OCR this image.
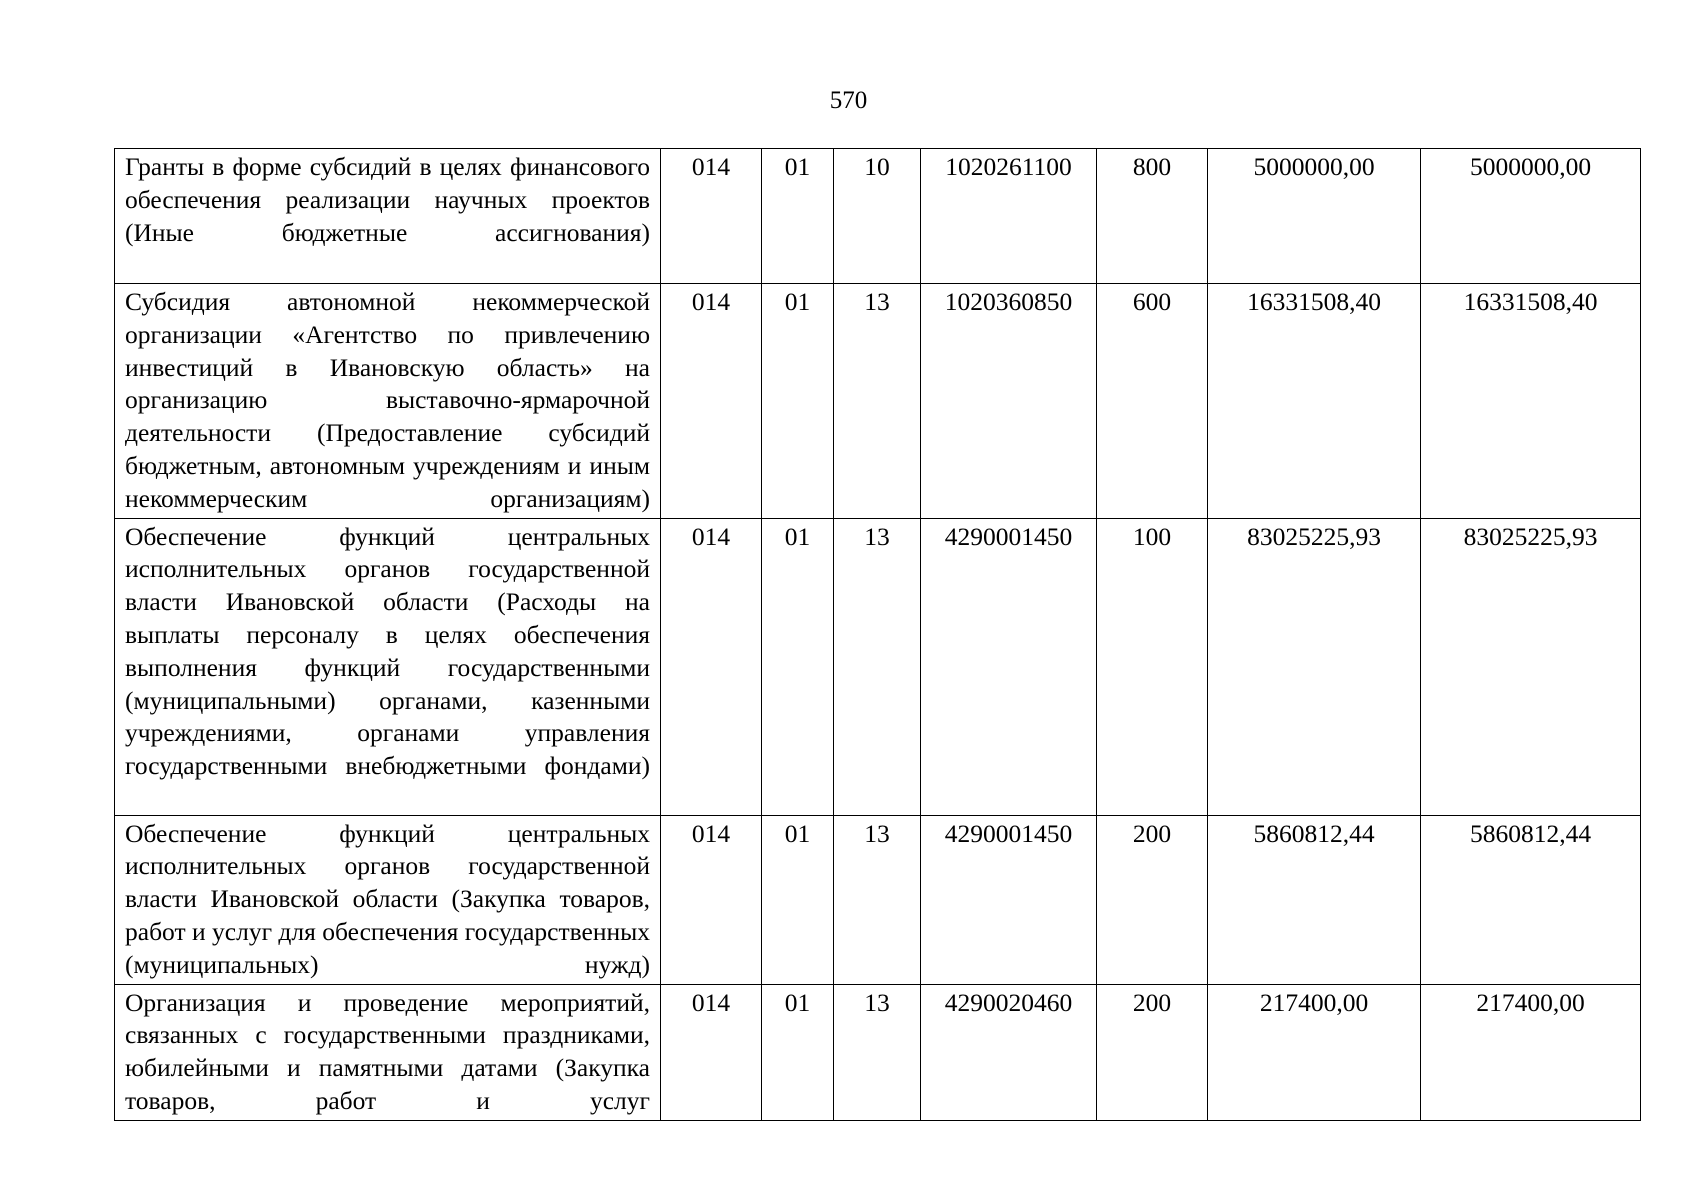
570
Гранты в форме субсидий в целях финансового обеспечения реализации научных проектов (Иные бюджетные ассигнования)	014	01	10	1020261100	800	5000000,00	5000000,00

Субсидия автономной некоммерческой организации «Агентство по привлечению инвестиций в Ивановскую область» на организацию выставочно-ярмарочной деятельности (Предоставление субсидий бюджетным, автономным учреждениям и иным некоммерческим организациям)	014	01	13	1020360850	600	16331508,40	16331508,40

Обеспечение функций центральных исполнительных органов государственной власти Ивановской области (Расходы на выплаты персоналу в целях обеспечения выполнения функций государственными (муниципальными) органами, казенными учреждениями, органами управления государственными внебюджетными фондами)	014	01	13	4290001450	100	83025225,93	83025225,93

Обеспечение функций центральных исполнительных органов государственной власти Ивановской области (Закупка товаров, работ и услуг для обеспечения государственных (муниципальных) нужд)	014	01	13	4290001450	200	5860812,44	5860812,44

Организация и проведение мероприятий, связанных с государственными праздниками, юбилейными и памятными датами (Закупка товаров, работ и услуг	014	01	13	4290020460	200	217400,00	217400,00
